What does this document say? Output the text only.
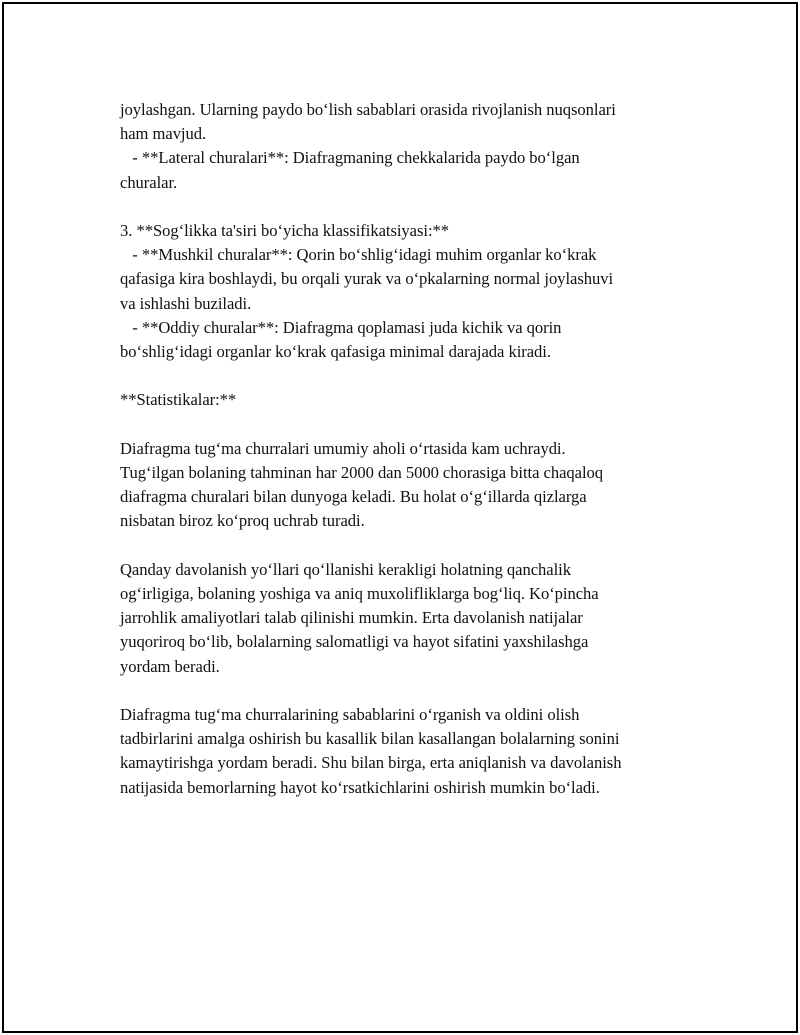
joylashgan. Ularning paydo bo‘lish sabablari orasida rivojlanish nuqsonlari

ham mavjud.

- **Lateral churalari**: Diafragmaning chekkalarida paydo bo‘lgan

churalar.

3. **Sog‘likka ta'siri bo‘yicha klassifikatsiyasi:**

- **Mushkil churalar**: Qorin bo‘shlig‘idagi muhim organlar ko‘krak

qafasiga kira boshlaydi, bu orqali yurak va o‘pkalarning normal joylashuvi

va ishlashi buziladi.

- **Oddiy churalar**: Diafragma qoplamasi juda kichik va qorin

bo‘shlig‘idagi organlar ko‘krak qafasiga minimal darajada kiradi.

**Statistikalar:**

Diafragma tug‘ma churralari umumiy aholi o‘rtasida kam uchraydi.

Tug‘ilgan bolaning tahminan har 2000 dan 5000 chorasiga bitta chaqaloq

diafragma churalari bilan dunyoga keladi. Bu holat o‘g‘illarda qizlarga

nisbatan biroz ko‘proq uchrab turadi.

Qanday davolanish yo‘llari qo‘llanishi kerakligi holatning qanchalik

og‘irligiga, bolaning yoshiga va aniq muxolifliklarga bog‘liq. Ko‘pincha

jarrohlik amaliyotlari talab qilinishi mumkin. Erta davolanish natijalar

yuqoriroq bo‘lib, bolalarning salomatligi va hayot sifatini yaxshilashga

yordam beradi.

Diafragma tug‘ma churralarining sabablarini o‘rganish va oldini olish

tadbirlarini amalga oshirish bu kasallik bilan kasallangan bolalarning sonini

kamaytirishga yordam beradi. Shu bilan birga, erta aniqlanish va davolanish

natijasida bemorlarning hayot ko‘rsatkichlarini oshirish mumkin bo‘ladi.
